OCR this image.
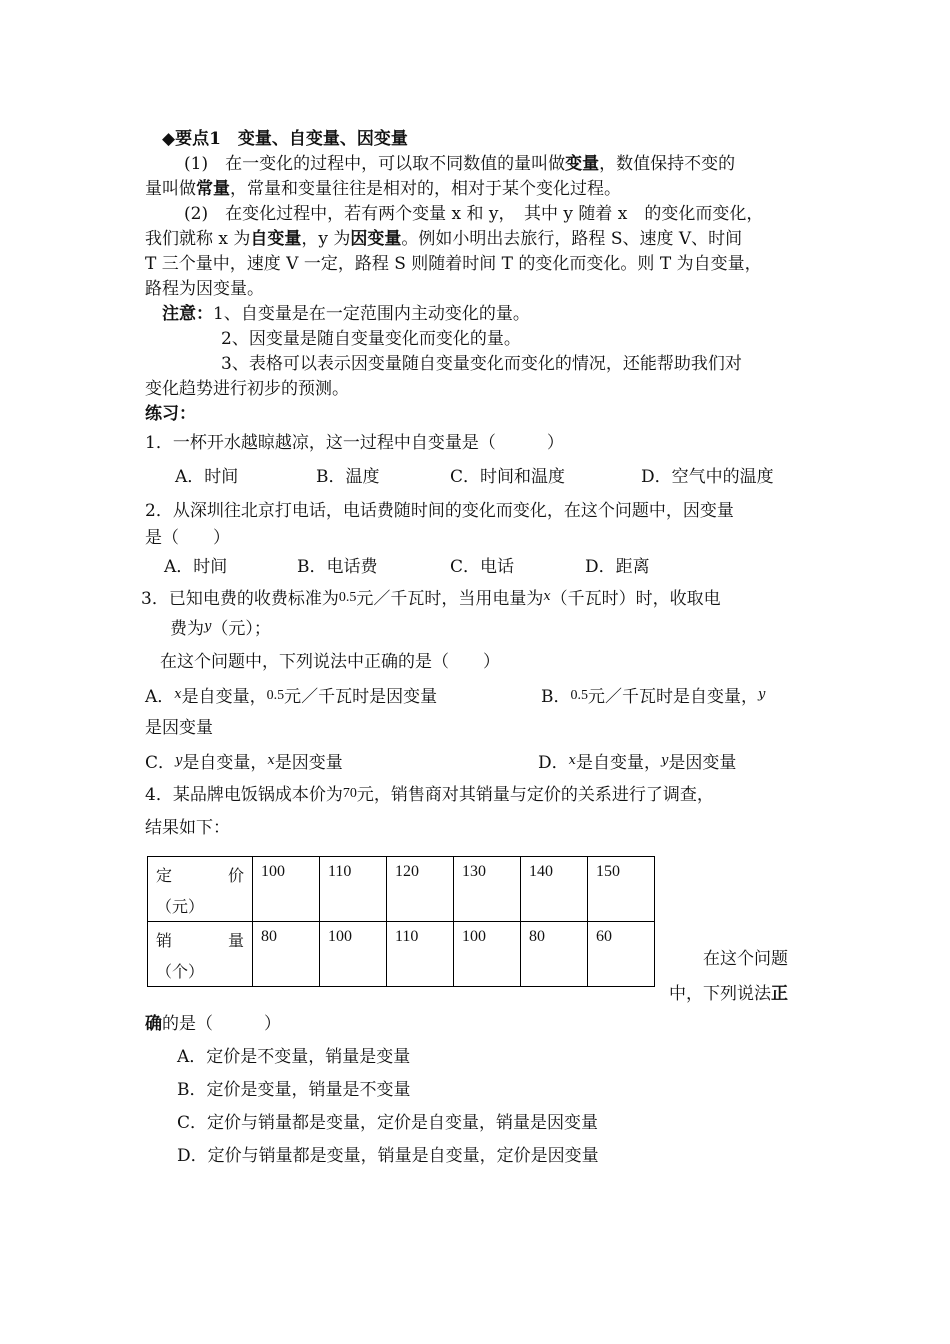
◆要点1　变量、自变量、因变量
(1)　在一变化的过程中，可以取不同数值的量叫做变量，数值保持不变的
量叫做常量，常量和变量往往是相对的，相对于某个变化过程。
(2)　在变化过程中，若有两个变量 x 和 y，　其中 y 随着 x　的变化而变化，
我们就称 x 为自变量，y 为因变量。例如小明出去旅行，路程 S、速度 V、时间
T 三个量中，速度 V 一定，路程 S 则随着时间 T 的变化而变化。则 T 为自变量，
路程为因变量。
注意：1、自变量是在一定范围内主动变化的量。
2、因变量是随自变量变化而变化的量。
3、表格可以表示因变量随自变量变化而变化的情况，还能帮助我们对
变化趋势进行初步的预测。
练习：
1．一杯开水越晾越凉，这一过程中自变量是（　　　）
A．时间	B．温度	C．时间和温度	D．空气中的温度
2．从深圳往北京打电话，电话费随时间的变化而变化，在这个问题中，因变量
是（　　）
A．时间	B．电话费	C．电话	D．距离
3．已知电费的收费标准为0.5元／千瓦时，当用电量为$^x$（千瓦时）时，收取电
费为$^y$（元）；
在这个问题中，下列说法中正确的是（　　）
A．$^x$是自变量，0.5元／千瓦时是因变量	B．0.5元／千瓦时是自变量，$^y$
是因变量
C．$^y$是自变量，$^x$是因变量	D．$^x$是自变量，$^y$是因变量
4．某品牌电饭锅成本价为70元，销售商对其销量与定价的关系进行了调查，
结果如下：
定 价
（元）	100	110	120	130	140	150

销 量
（个）	80	100	110	100	80	60
在这个问题
中，下列说法正
确的是（　　　）
A．定价是不变量，销量是变量
B．定价是变量，销量是不变量
C．定价与销量都是变量，定价是自变量，销量是因变量
D．定价与销量都是变量，销量是自变量，定价是因变量
